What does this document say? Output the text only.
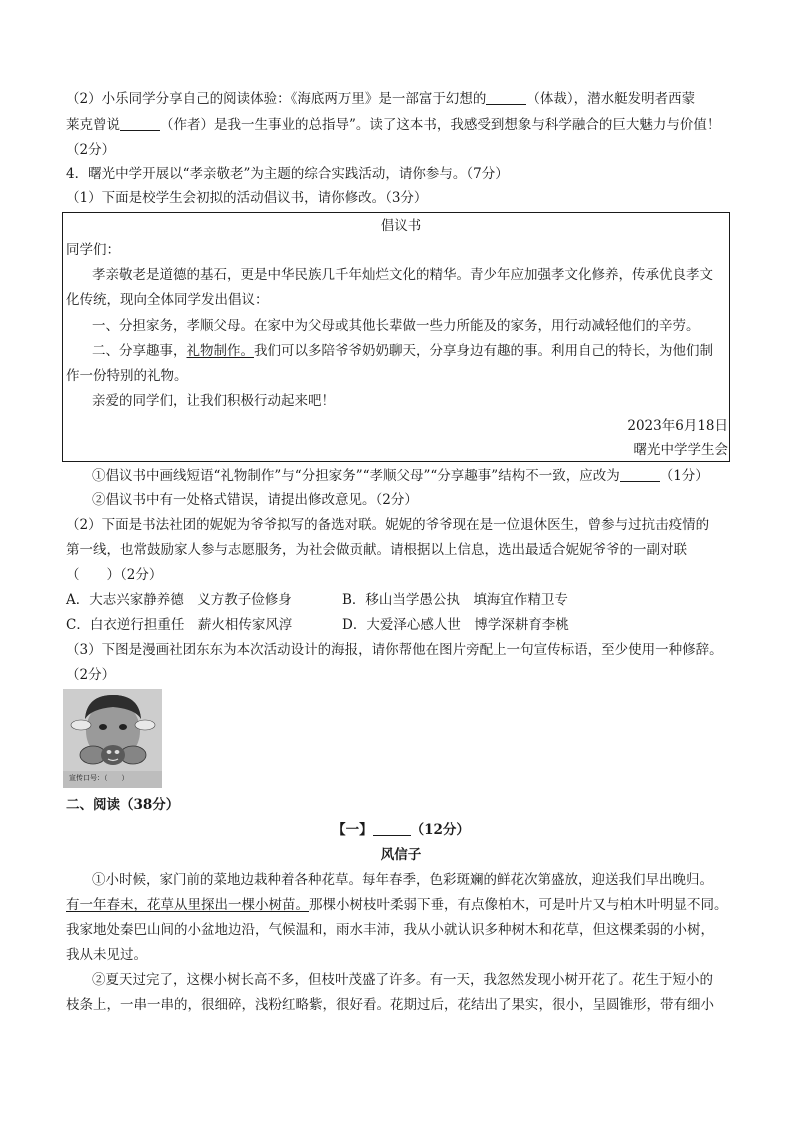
（2）小乐同学分享自己的阅读体验：《海底两万里》是一部富于幻想的	（体裁），潜水艇发明者西蒙
莱克曾说	（作者）是我一生事业的总指导”。读了这本书，我感受到想象与科学融合的巨大魅力与价值！
（2分）
4．曙光中学开展以“孝亲敬老”为主题的综合实践活动，请你参与。（7分）
（1）下面是校学生会初拟的活动倡议书，请你修改。（3分）
倡议书
同学们：
孝亲敬老是道德的基石，更是中华民族几千年灿烂文化的精华。青少年应加强孝文化修养，传承优良孝文
化传统，现向全体同学发出倡议：
一、分担家务，孝顺父母。在家中为父母或其他长辈做一些力所能及的家务，用行动减轻他们的辛劳。
二、分享趣事，礼物制作。我们可以多陪爷爷奶奶聊天，分享身边有趣的事。利用自己的特长，为他们制
作一份特别的礼物。
亲爱的同学们，让我们积极行动起来吧！
2023年6月18日
曙光中学学生会
①倡议书中画线短语“礼物制作”与“分担家务”“孝顺父母”“分享趣事”结构不一致，应改为	（1分）
②倡议书中有一处格式错误，请提出修改意见。（2分）
（2）下面是书法社团的妮妮为爷爷拟写的备选对联。妮妮的爷爷现在是一位退休医生，曾参与过抗击疫情的
第一线，也常鼓励家人参与志愿服务，为社会做贡献。请根据以上信息，选出最适合妮妮爷爷的一副对联
（　　）（2分）
A．大志兴家静养德　义方教子俭修身	B．移山当学愚公执　填海宜作精卫专
C．白衣逆行担重任　薪火相传家风淳	D．大爱泽心感人世　博学深耕育李桃
（3）下图是漫画社团东东为本次活动设计的海报，请你帮他在图片旁配上一句宣传标语，至少使用一种修辞。
（2分）
宣传口号：（　　）
二、阅读（38分）
【一】	（12分）
风信子
①小时候，家门前的菜地边栽种着各种花草。每年春季，色彩斑斓的鲜花次第盛放，迎送我们早出晚归。
有一年春末，花草从里探出一棵小树苗。那棵小树枝叶柔弱下垂，有点像柏木，可是叶片又与柏木叶明显不同。
我家地处秦巴山间的小盆地边沿，气候温和，雨水丰沛，我从小就认识多种树木和花草，但这棵柔弱的小树，
我从未见过。
②夏天过完了，这棵小树长高不多，但枝叶茂盛了许多。有一天，我忽然发现小树开花了。花生于短小的
枝条上，一串一串的，很细碎，浅粉红略紫，很好看。花期过后，花结出了果实，很小，呈圆锥形，带有细小
